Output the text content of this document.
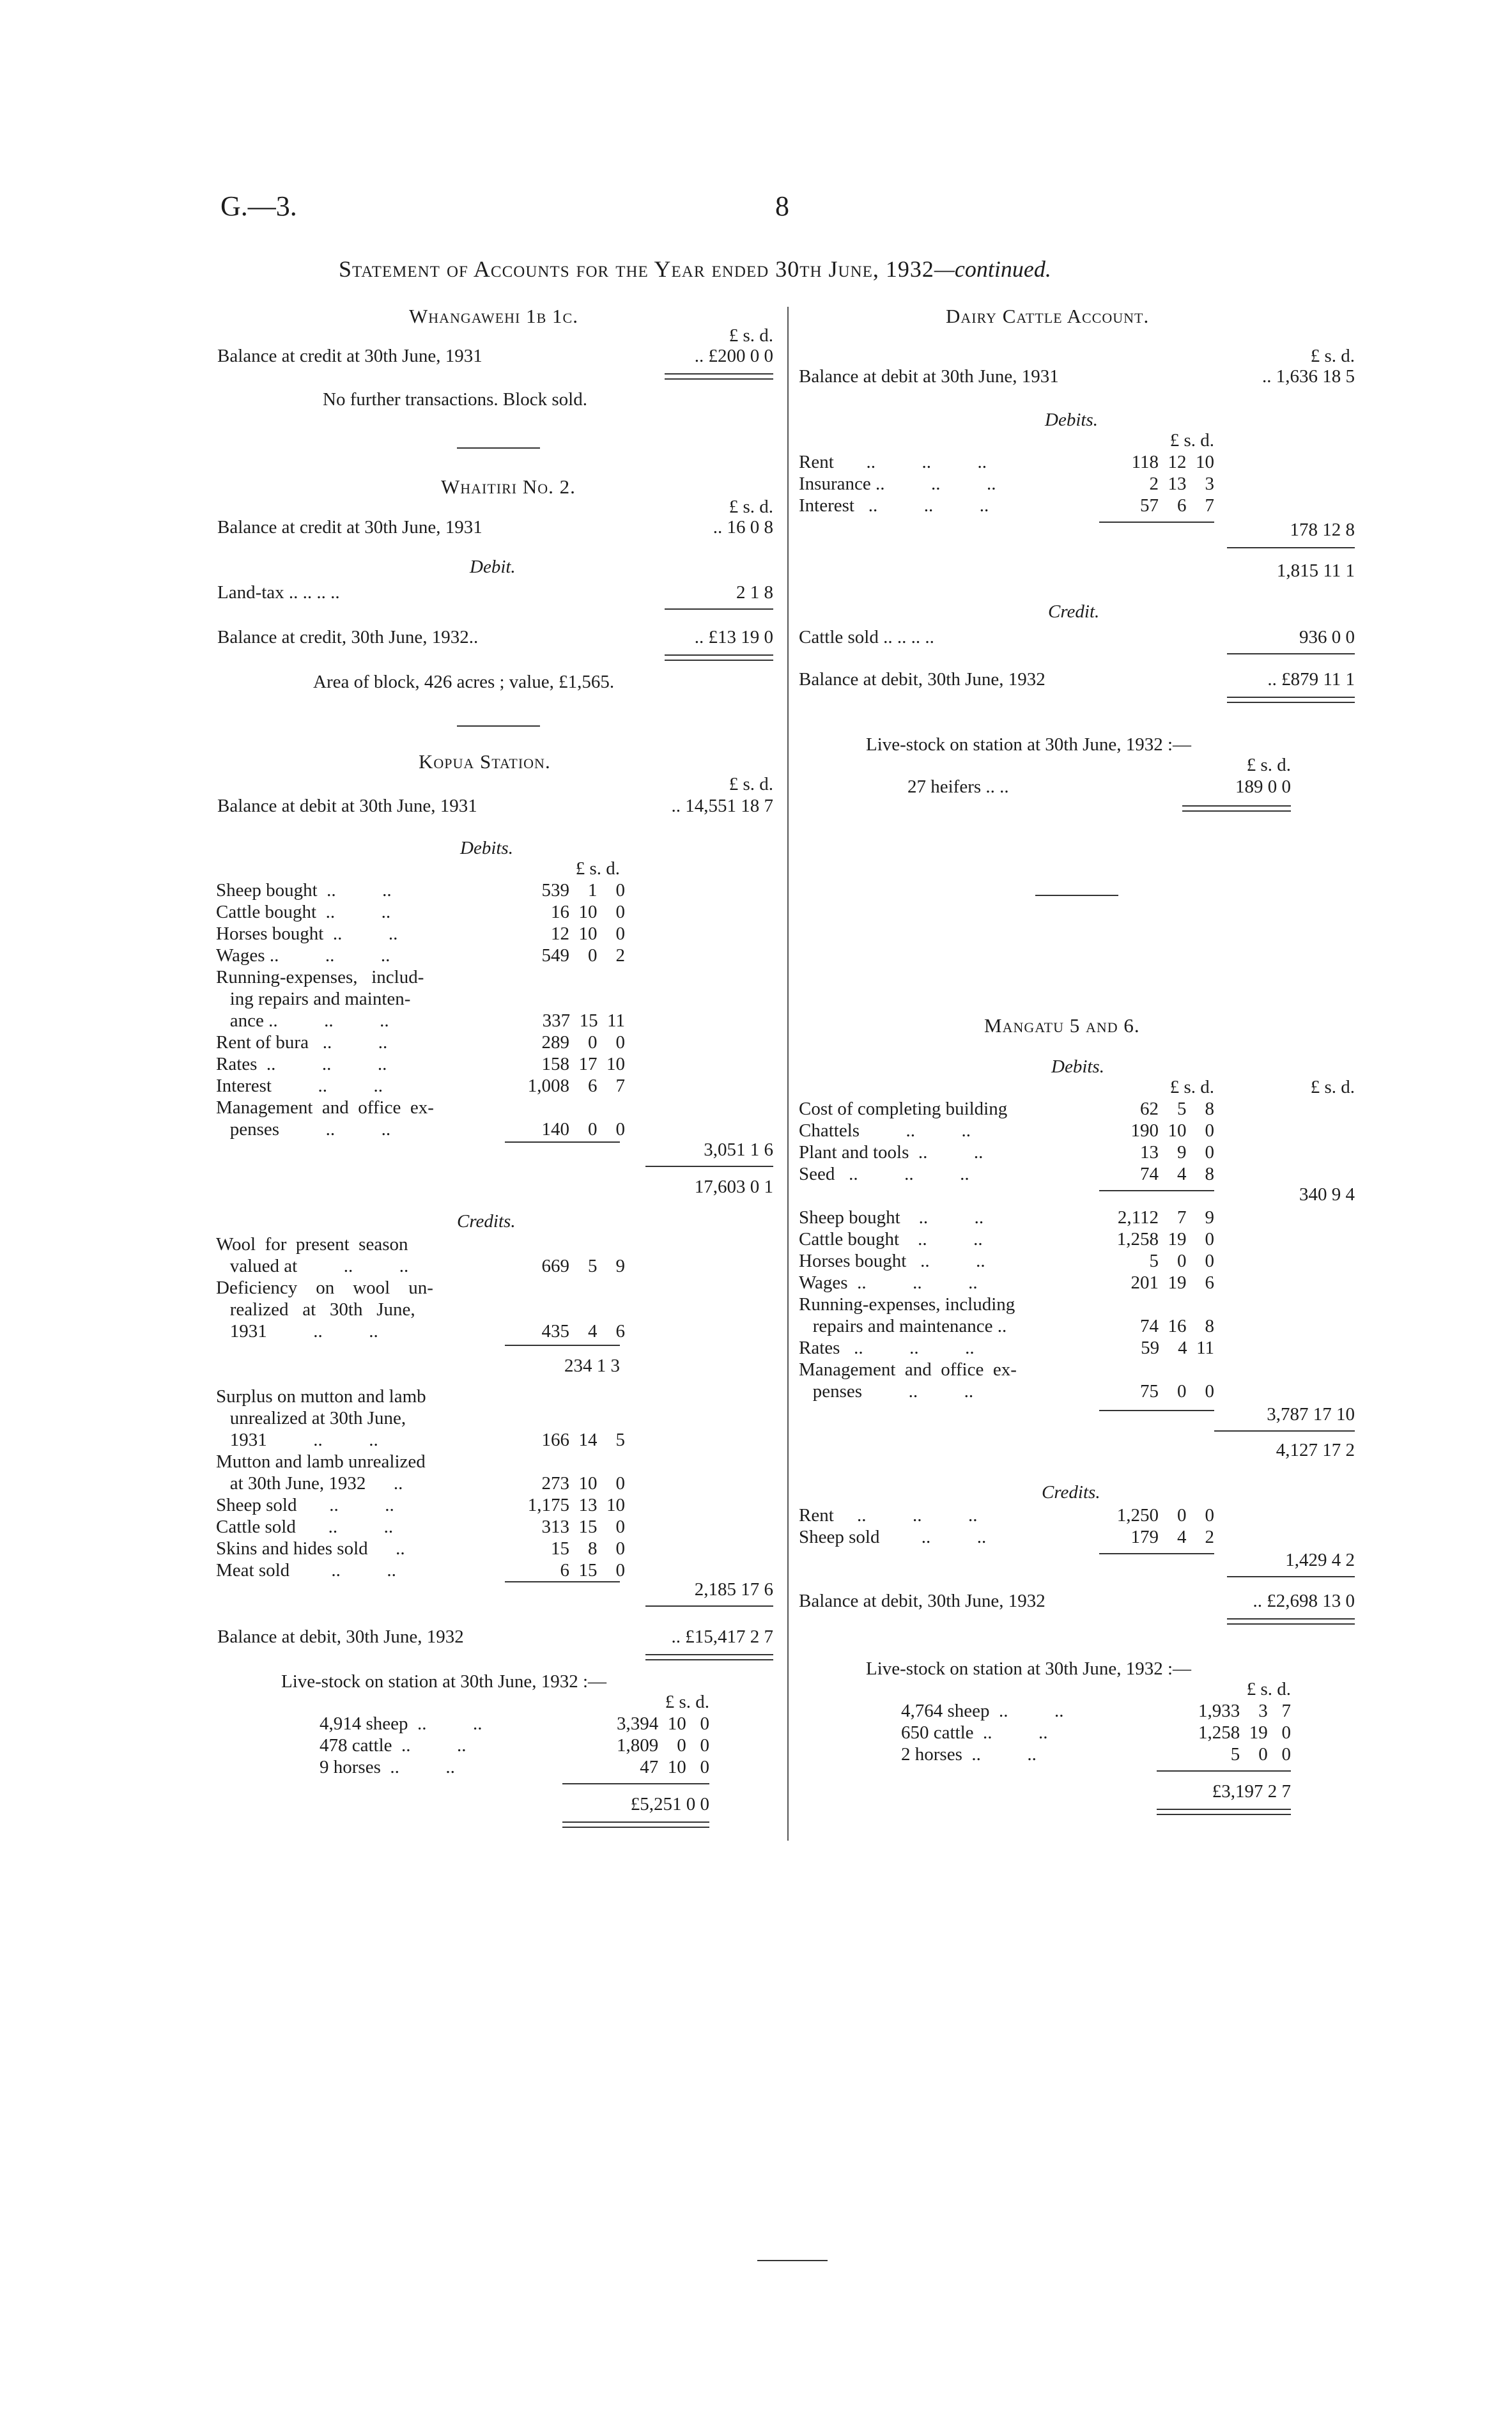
G.—3.	8
Statement of Accounts for the Year ended 30th June, 1932—continued.
Whangawehi 1b 1c.
£ s. d.
Balance at credit at 30th June, 1931	.. £200 0 0
No further transactions. Block sold.
Whaitiri No. 2.
£ s. d.
Balance at credit at 30th June, 1931	.. 16 0 8
Debit.
Land-tax .. .. .. ..	2 1 8
Balance at credit, 30th June, 1932..	.. £13 19 0
Area of block, 426 acres ; value, £1,565.
Kopua Station.
£ s. d.
Balance at debit at 30th June, 1931	.. 14,551 18 7
Debits.
£ s. d.
Sheep bought  ..          ..	539    1    0
Cattle bought  ..          ..	16  10    0
Horses bought  ..          ..	12  10    0
Wages ..          ..          ..	549    0    2
Running-expenses,   includ-
ing repairs and mainten-
ance ..          ..          ..	337  15  11
Rent of bura   ..          ..	289    0    0
Rates  ..          ..          ..	158  17  10
Interest          ..          ..	1,008    6    7
Management  and  office  ex-
penses          ..          ..	140    0    0
3,051 1 6
17,603 0 1
Credits.
Wool  for  present  season
valued at          ..          ..	669    5    9
Deficiency    on    wool    un-
realized   at   30th   June,
1931          ..          ..	435    4    6
234 1 3
Surplus on mutton and lamb
unrealized at 30th June,
1931          ..          ..	166  14    5
Mutton and lamb unrealized
at 30th June, 1932      ..	273  10    0
Sheep sold       ..          ..	1,175  13  10
Cattle sold       ..          ..	313  15    0
Skins and hides sold      ..	15    8    0
Meat sold         ..          ..	6  15    0
2,185 17 6
Balance at debit, 30th June, 1932	.. £15,417 2 7
Live-stock on station at 30th June, 1932 :—
£ s. d.
4,914 sheep  ..          ..	3,394  10   0
478 cattle  ..          ..	1,809    0   0
9 horses  ..          ..	47  10   0
£5,251 0 0
Dairy Cattle Account.
£ s. d.
Balance at debit at 30th June, 1931	.. 1,636 18 5
Debits.
£ s. d.
Rent       ..          ..          ..	118  12  10
Insurance ..          ..          ..	2  13    3
Interest   ..          ..          ..	57    6    7
178 12 8
1,815 11 1
Credit.
Cattle sold .. .. .. ..	936 0 0
Balance at debit, 30th June, 1932	.. £879 11 1
Live-stock on station at 30th June, 1932 :—
£ s. d.
27 heifers .. ..	189 0 0
Mangatu 5 and 6.
Debits.
£ s. d.	£ s. d.
Cost of completing building	62    5    8
Chattels          ..          ..	190  10    0
Plant and tools  ..          ..	13    9    0
Seed   ..          ..          ..	74    4    8
340 9 4
Sheep bought    ..          ..	2,112    7    9
Cattle bought    ..          ..	1,258  19    0
Horses bought   ..          ..	5    0    0
Wages  ..          ..          ..	201  19    6
Running-expenses, including
repairs and maintenance ..	74  16    8
Rates   ..          ..          ..	59    4  11
Management  and  office  ex-
penses          ..          ..	75    0    0
3,787 17 10
4,127 17 2
Credits.
Rent     ..          ..          ..	1,250    0    0
Sheep sold         ..          ..	179    4    2
1,429 4 2
Balance at debit, 30th June, 1932	.. £2,698 13 0
Live-stock on station at 30th June, 1932 :—
£ s. d.
4,764 sheep  ..          ..	1,933    3   7
650 cattle  ..          ..	1,258  19   0
2 horses  ..          ..	5    0   0
£3,197 2 7
